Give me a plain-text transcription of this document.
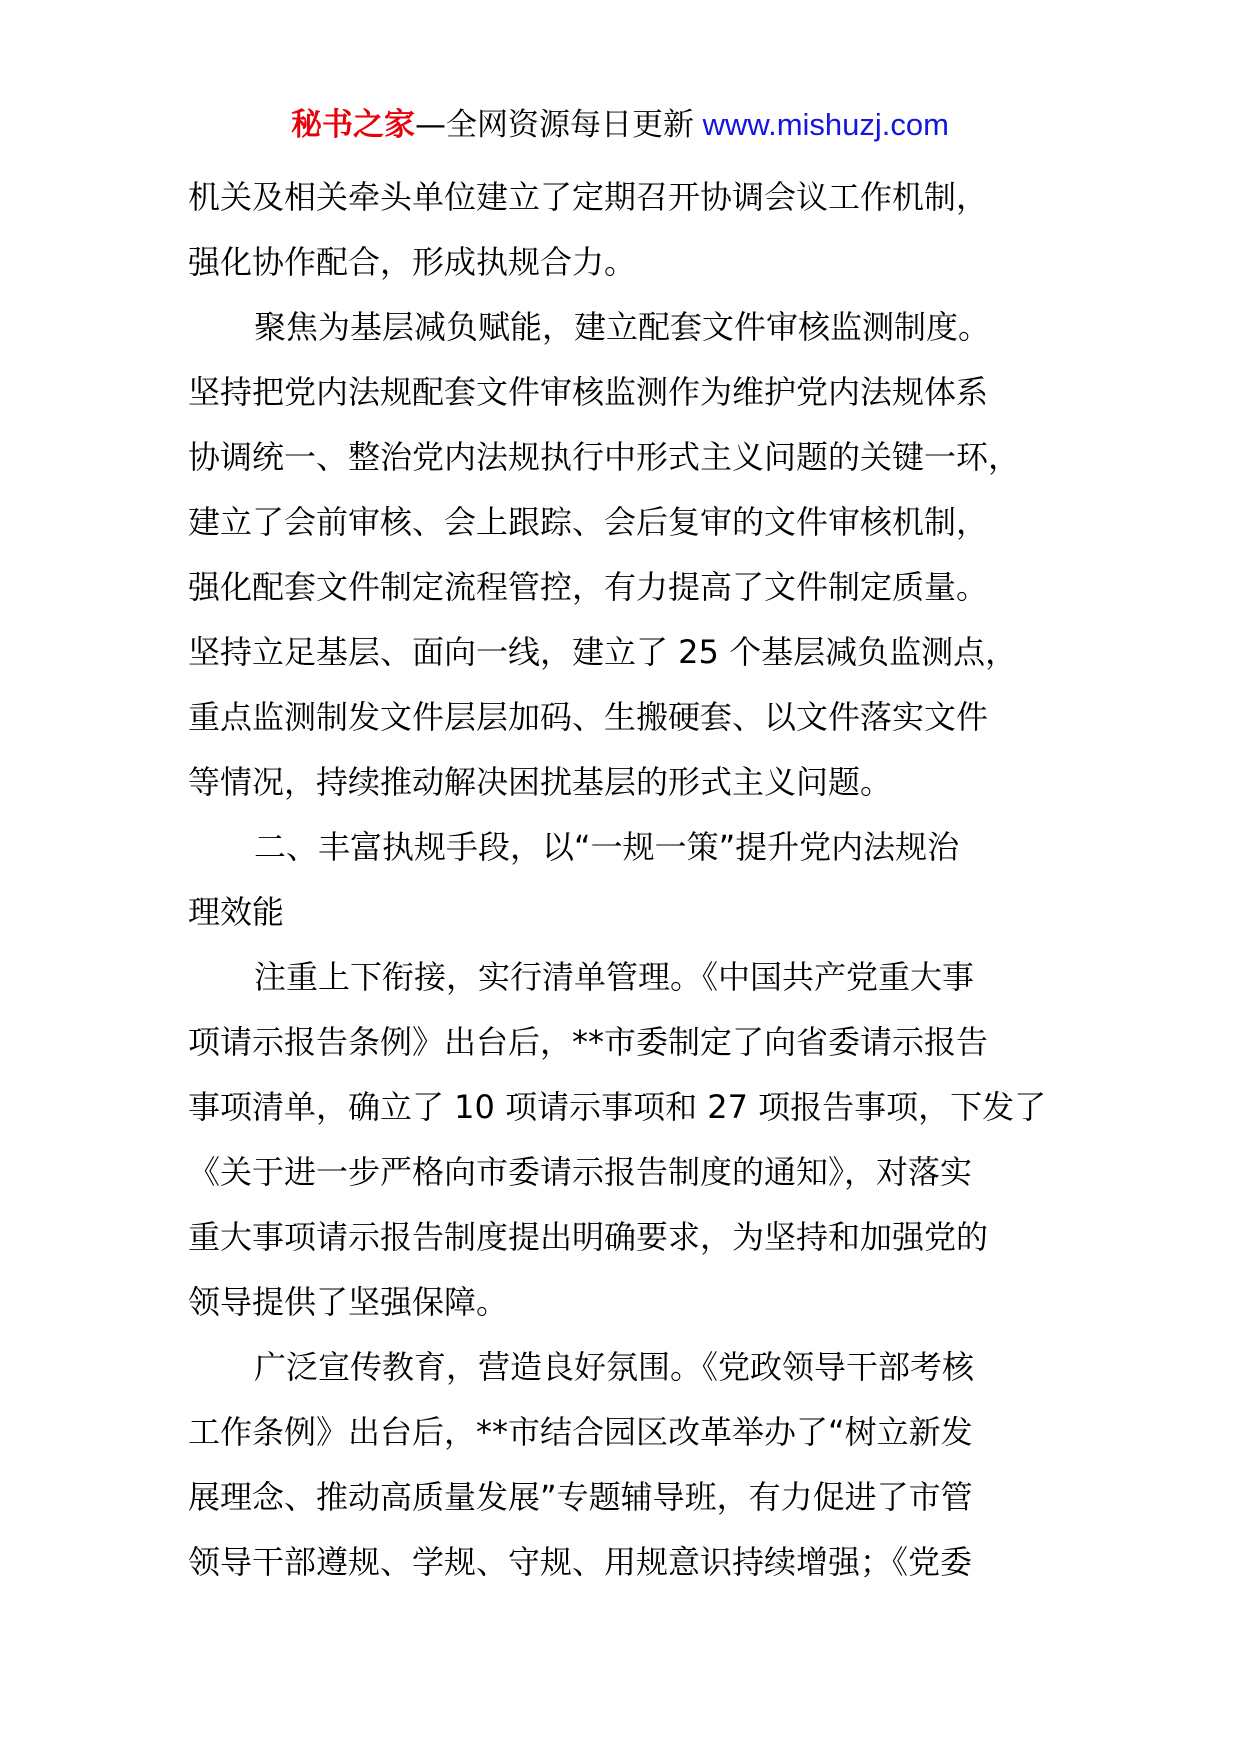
秘书之家—全网资源每日更新 www.mishuzj.com
机关及相关牵头单位建立了定期召开协调会议工作机制，
强化协作配合，形成执规合力。
聚焦为基层减负赋能，建立配套文件审核监测制度。
坚持把党内法规配套文件审核监测作为维护党内法规体系
协调统一、整治党内法规执行中形式主义问题的关键一环，
建立了会前审核、会上跟踪、会后复审的文件审核机制，
强化配套文件制定流程管控，有力提高了文件制定质量。
坚持立足基层、面向一线，建立了 25 个基层减负监测点，
重点监测制发文件层层加码、生搬硬套、以文件落实文件
等情况，持续推动解决困扰基层的形式主义问题。
二、丰富执规手段，以“一规一策”提升党内法规治
理效能
注重上下衔接，实行清单管理。《中国共产党重大事
项请示报告条例》出台后，**市委制定了向省委请示报告
事项清单，确立了 10 项请示事项和 27 项报告事项，下发了
《关于进一步严格向市委请示报告制度的通知》，对落实
重大事项请示报告制度提出明确要求，为坚持和加强党的
领导提供了坚强保障。
广泛宣传教育，营造良好氛围。《党政领导干部考核
工作条例》出台后，**市结合园区改革举办了“树立新发
展理念、推动高质量发展”专题辅导班，有力促进了市管
领导干部遵规、学规、守规、用规意识持续增强；《党委
